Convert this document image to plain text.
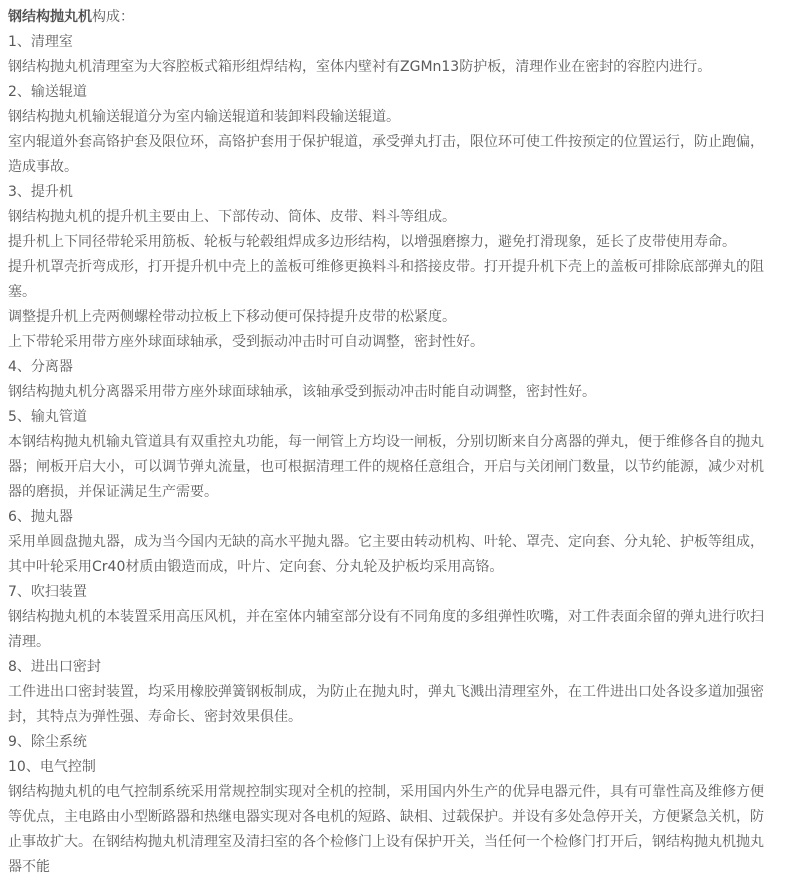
钢结构抛丸机构成：

1、清理室

钢结构抛丸机清理室为大容腔板式箱形组焊结构，室体内壁衬有ZGMn13防护板，清理作业在密封的容腔内进行。

2、输送辊道

钢结构抛丸机输送辊道分为室内输送辊道和装卸料段输送辊道。

室内辊道外套高铬护套及限位环，高铬护套用于保护辊道，承受弹丸打击，限位环可使工件按预定的位置运行，防止跑偏，造成事故。

3、提升机

钢结构抛丸机的提升机主要由上、下部传动、筒体、皮带、料斗等组成。

提升机上下同径带轮采用筋板、轮板与轮毂组焊成多边形结构，以增强磨擦力，避免打滑现象，延长了皮带使用寿命。

提升机罩壳折弯成形，打开提升机中壳上的盖板可维修更换料斗和搭接皮带。打开提升机下壳上的盖板可排除底部弹丸的阻塞。

调整提升机上壳两侧螺栓带动拉板上下移动便可保持提升皮带的松紧度。

上下带轮采用带方座外球面球轴承，受到振动冲击时可自动调整，密封性好。

4、分离器

钢结构抛丸机分离器采用带方座外球面球轴承，该轴承受到振动冲击时能自动调整，密封性好。

5、输丸管道

本钢结构抛丸机输丸管道具有双重控丸功能，每一闸管上方均设一闸板，分别切断来自分离器的弹丸，便于维修各自的抛丸器；闸板开启大小，可以调节弹丸流量，也可根据清理工件的规格任意组合，开启与关闭闸门数量，以节约能源，减少对机器的磨损，并保证满足生产需要。

6、抛丸器

采用单圆盘抛丸器，成为当今国内无缺的高水平抛丸器。它主要由转动机构、叶轮、罩壳、定向套、分丸轮、护板等组成，其中叶轮采用Cr40材质由锻造而成，叶片、定向套、分丸轮及护板均采用高铬。

7、吹扫装置

钢结构抛丸机的本装置采用高压风机，并在室体内辅室部分设有不同角度的多组弹性吹嘴，对工件表面余留的弹丸进行吹扫清理。

8、进出口密封

工件进出口密封装置，均采用橡胶弹簧钢板制成，为防止在抛丸时，弹丸飞溅出清理室外，在工件进出口处各设多道加强密封，其特点为弹性强、寿命长、密封效果俱佳。

9、除尘系统

10、电气控制

钢结构抛丸机的电气控制系统采用常规控制实现对全机的控制，采用国内外生产的优异电器元件，具有可靠性高及维修方便等优点，主电路由小型断路器和热继电器实现对各电机的短路、缺相、过载保护。并设有多处急停开关，方便紧急关机，防止事故扩大。在钢结构抛丸机清理室及清扫室的各个检修门上设有保护开关，当任何一个检修门打开后，钢结构抛丸机抛丸器不能
